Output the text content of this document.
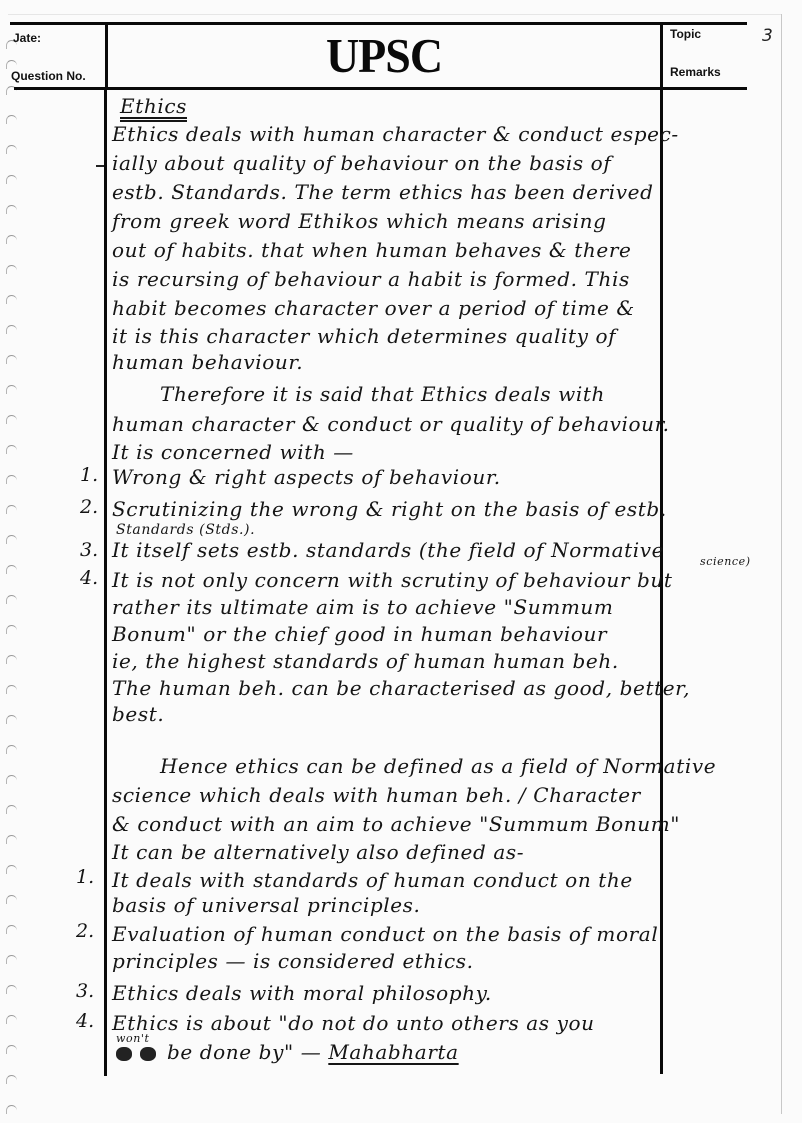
Jate:
Question No.	UPSC	Topic	3
Remarks
Ethics
Ethics deals with human character & conduct espec-
ially about quality of behaviour on the basis of
estb. Standards. The term ethics has been derived
from greek word Ethikos which means arising
out of habits. that when human behaves & there
is recursing of behaviour a habit is formed. This
habit becomes character over a period of time &
it is this character which determines quality of
human behaviour.
Therefore it is said that Ethics deals with
human character & conduct or quality of behaviour.
It is concerned with —
1. Wrong & right aspects of behaviour.
2. Scrutinizing the wrong & right on the basis of estb.
Standards (Stds.).
3. It itself sets estb. standards (the field of Normative	science)
4. It is not only concern with scrutiny of behaviour but
rather its ultimate aim is to achieve "Summum
Bonum" or the chief good in human behaviour
ie, the highest standards of human human beh.
The human beh. can be characterised as good, better,
best.
Hence ethics can be defined as a field of Normative
science which deals with human beh. / Character
& conduct with an aim to achieve "Summum Bonum"
It can be alternatively also defined as-
1. It deals with standards of human conduct on the
basis of universal principles.
2. Evaluation of human conduct on the basis of moral
principles — is considered ethics.
3. Ethics deals with moral philosophy.
4. Ethics is about "do not do unto others as you
won't
be done by" — Mahabharta
